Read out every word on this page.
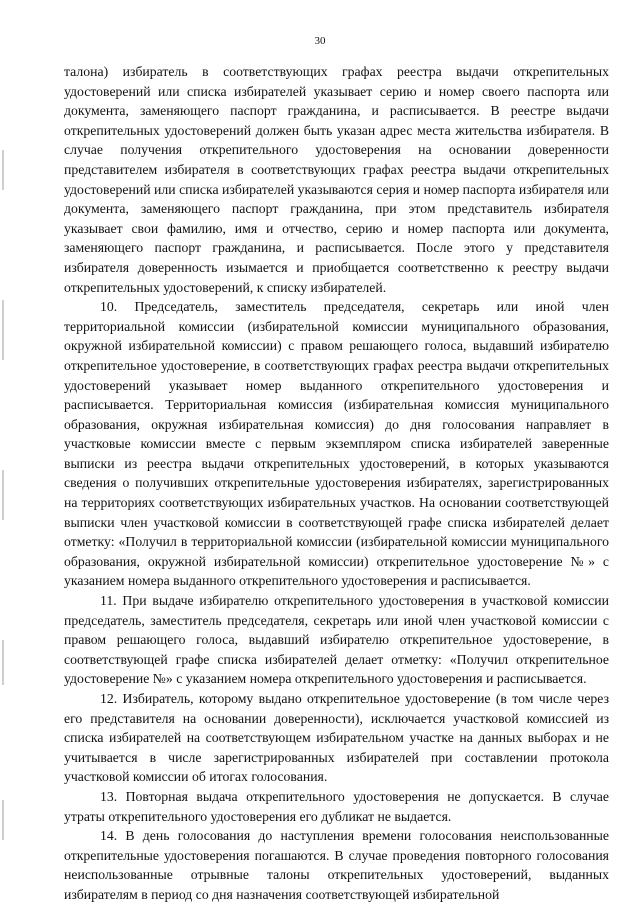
30

талона) избиратель в соответствующих графах реестра выдачи открепительных удостоверений или списка избирателей указывает серию и номер своего паспорта или документа, заменяющего паспорт гражданина, и расписывается. В реестре выдачи открепительных удостоверений должен быть указан адрес места жительства избирателя. В случае получения открепительного удостоверения на основании доверенности представителем избирателя в соответствующих графах реестра выдачи открепительных удостоверений или списка избирателей указываются серия и номер паспорта избирателя или документа, заменяющего паспорт гражданина, при этом представитель избирателя указывает свои фамилию, имя и отчество, серию и номер паспорта или документа, заменяющего паспорт гражданина, и расписывается. После этого у представителя избирателя доверенность изымается и приобщается соответственно к реестру выдачи открепительных удостоверений, к списку избирателей.

10. Председатель, заместитель председателя, секретарь или иной член территориальной комиссии (избирательной комиссии муниципального образования, окружной избирательной комиссии) с правом решающего голоса, выдавший избирателю открепительное удостоверение, в соответствующих графах реестра выдачи открепительных удостоверений указывает номер выданного открепительного удостоверения и расписывается. Территориальная комиссия (избирательная комиссия муниципального образования, окружная избирательная комиссия) до дня голосования направляет в участковые комиссии вместе с первым экземпляром списка избирателей заверенные выписки из реестра выдачи открепительных удостоверений, в которых указываются сведения о получивших открепительные удостоверения избирателях, зарегистрированных на территориях соответствующих избирательных участков. На основании соответствующей выписки член участковой комиссии в соответствующей графе списка избирателей делает отметку: «Получил в территориальной комиссии (избирательной комиссии муниципального образования, окружной избирательной комиссии) открепительное удостоверение №» с указанием номера выданного открепительного удостоверения и расписывается.

11. При выдаче избирателю открепительного удостоверения в участковой комиссии председатель, заместитель председателя, секретарь или иной член участковой комиссии с правом решающего голоса, выдавший избирателю открепительное удостоверение, в соответствующей графе списка избирателей делает отметку: «Получил открепительное удостоверение №» с указанием номера открепительного удостоверения и расписывается.

12. Избиратель, которому выдано открепительное удостоверение (в том числе через его представителя на основании доверенности), исключается участковой комиссией из списка избирателей на соответствующем избирательном участке на данных выборах и не учитывается в числе зарегистрированных избирателей при составлении протокола участковой комиссии об итогах голосования.

13. Повторная выдача открепительного удостоверения не допускается. В случае утраты открепительного удостоверения его дубликат не выдается.

14. В день голосования до наступления времени голосования неиспользованные открепительные удостоверения погашаются. В случае проведения повторного голосования неиспользованные отрывные талоны открепительных удостоверений, выданных избирателям в период со дня назначения соответствующей избирательной
